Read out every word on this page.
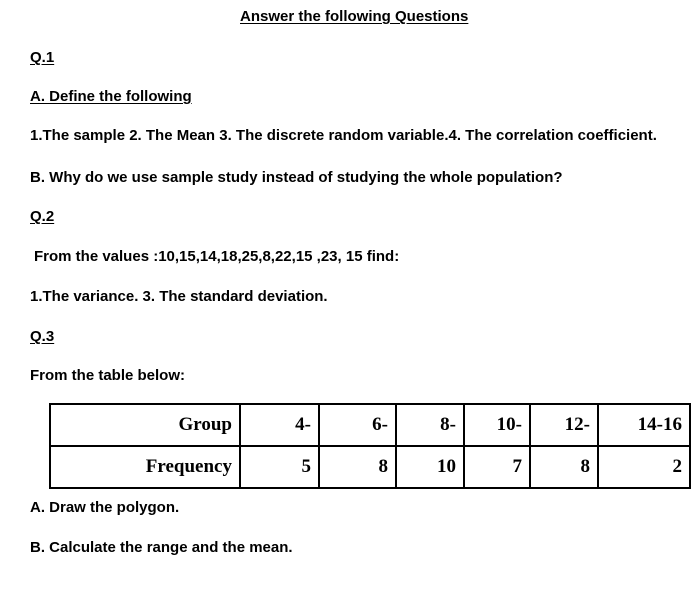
Answer the following Questions
Q.1
A. Define the following
1.The sample 2. The Mean 3. The discrete random variable.4. The correlation coefficient.
B. Why do we use sample study instead of studying the whole population?
Q.2
From the values :10,15,14,18,25,8,22,15 ,23, 15 find:
1.The variance. 3. The standard deviation.
Q.3
From the table below:
Group	4-	6-	8-	10-	12-	14-16
Frequency	5	8	10	7	8	2
A. Draw the polygon.
B. Calculate the range and the mean.
